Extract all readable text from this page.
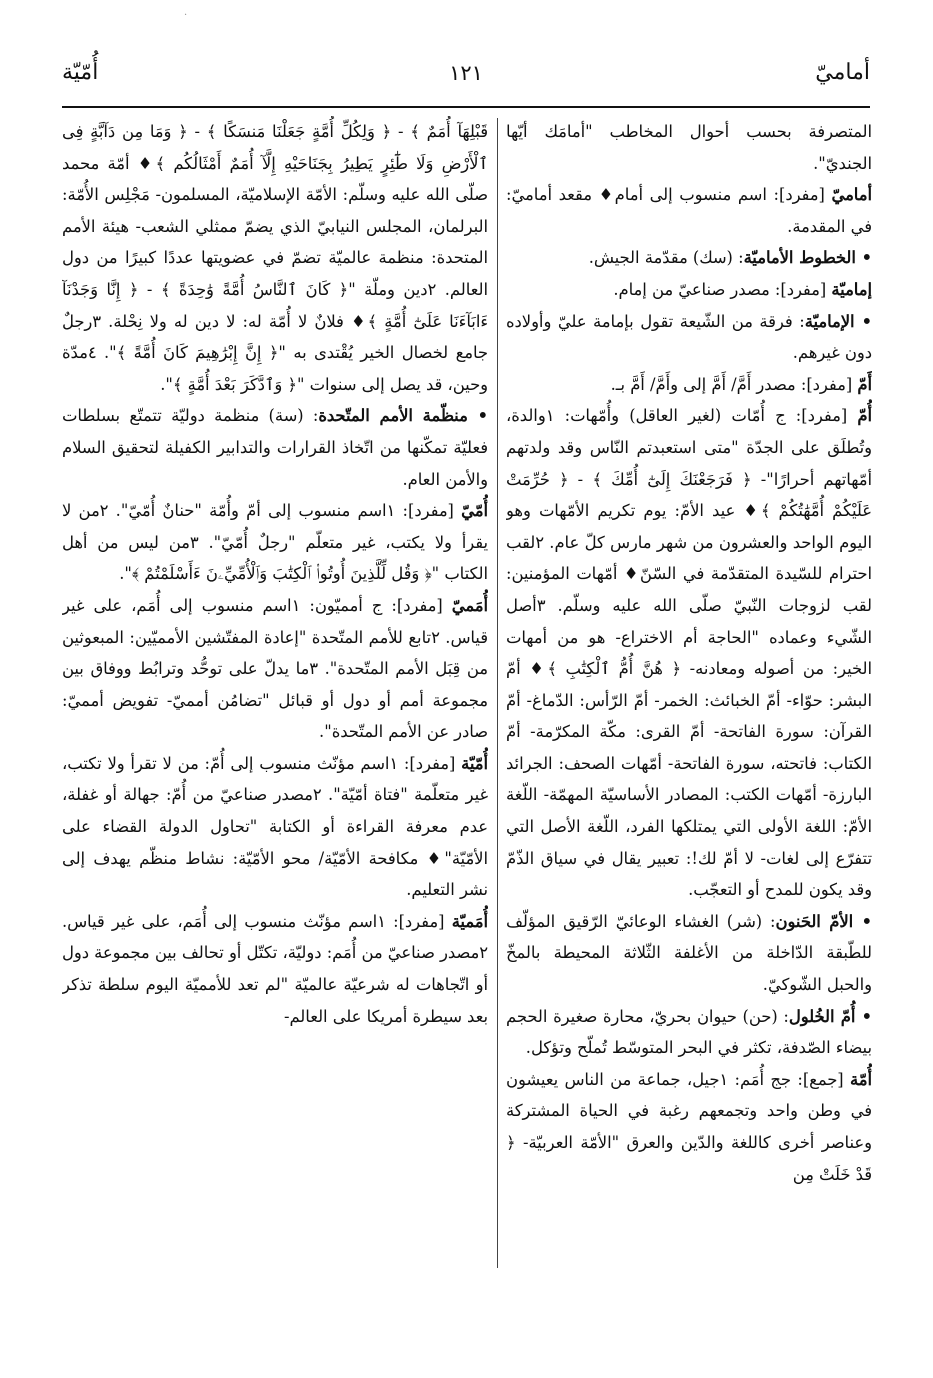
·
أماميّ
١٢١
أُمّيّة

المتصرفة بحسب أحوال المخاطب "أمامَك أيّها الجنديّ".

أماميّ [مفرد]: اسم منسوب إلى أمام♦ مقعد أماميّ: في المقدمة.

• الخطوط الأماميّة: (سك) مقدّمة الجيش.

إماميّة [مفرد]: مصدر صناعيّ من إمام.

• الإماميّة: فرقة من الشّيعة تقول بإمامة عليّ وأولاده دون غيرهم.

أَمّ [مفرد]: مصدر أَمَّ/ أَمَّ إلى وأَمَّ/ أَمَّ بـ.

أُمّ [مفرد]: ج أُمّات (لغير العاقل) وأُمّهات: ١والدة، وتُطلَق على الجدّة "متى استعبدتم النّاس وقد ولدتهم أمّهاتهم أحرارًا"- ﴿ فَرَجَعْنَكَ إِلَىٰٓ أُمِّكَ ﴾ - ﴿ حُرِّمَتْ عَلَيْكُمْ أُمَّهَٰتُكُمْ ﴾♦ عيد الأمّ: يوم تكريم الأمّهات وهو اليوم الواحد والعشرون من شهر مارس كلّ عام. ٢لقب احترام للسّيدة المتقدّمة في السّنّ♦ أمّهات المؤمنين: لقب لزوجات النّبيّ صلّى الله عليه وسلّم. ٣أصل الشّيء وعماده "الحاجة أم الاختراع- هو من أمهات الخير: من أصوله ومعادنه- ﴿ هُنَّ أُمُّ ٱلْكِتَٰبِ ﴾♦ أمّ البشر: حوّاء- أمّ الخبائث: الخمر- أمّ الرّأس: الدّماغ- أمّ القرآن: سورة الفاتحة- أمّ القرى: مكّة المكرّمة- أمّ الكتاب: فاتحته، سورة الفاتحة- أمّهات الصحف: الجرائد البارزة- أمّهات الكتب: المصادر الأساسيّة المهمّة- اللّغة الأمّ: اللغة الأولى التي يمتلكها الفرد، اللّغة الأصل التي تتفرّع إلى لغات- لا أمّ لك!: تعبير يقال في سياق الذّمّ وقد يكون للمدح أو التعجّب.

• الأمّ الحَنون: (شر) الغشاء الوعائيّ الرّقيق المؤلّف للطّبقة الدّاخلة من الأغلفة الثّلاثة المحيطة بالمخّ والحبل الشّوكيّ.

• أُمّ الخُلول: (حن) حيوان بحريّ، محارة صغيرة الحجم بيضاء الصّدفة، تكثر في البحر المتوسّط تُملّح وتؤكل.

أُمّة [جمع]: جج أُمَم: ١جيل، جماعة من الناس يعيشون في وطن واحد وتجمعهم رغبة في الحياة المشتركة وعناصر أخرى كاللغة والدّين والعرق "الأمّة العربيّة- ﴿ قَدْ خَلَتْ مِن

قَبْلِهَآ أُمَمٌ ﴾ - ﴿ وَلِكُلِّ أُمَّةٍ جَعَلْنَا مَنسَكًا ﴾ - ﴿ وَمَا مِن دَآبَّةٍ فِى ٱلْأَرْضِ وَلَا طَٰٓئِرٍ يَطِيرُ بِجَنَاحَيْهِ إِلَّآ أُمَمٌ أَمْثَالُكُم ﴾♦ أمّة محمد صلّى الله عليه وسلّم: الأمّة الإسلاميّة، المسلمون- مَجْلِس الأُمّة: البرلمان، المجلس النيابيّ الذي يضمّ ممثلي الشعب- هيئة الأمم المتحدة: منظمة عالميّة تضمّ في عضويتها عددًا كبيرًا من دول العالم. ٢دين وملّة "﴿ كَانَ ٱلنَّاسُ أُمَّةً وَٰحِدَةً ﴾ - ﴿ إِنَّا وَجَدْنَآ ءَابَآءَنَا عَلَىٰٓ أُمَّةٍ ﴾♦ فلانٌ لا أُمّة له: لا دين له ولا نِحْلة. ٣رجلٌ جامع لخصال الخير يُقْتدى به "﴿ إِنَّ إِبْرَٰهِيمَ كَانَ أُمَّةً ﴾". ٤مدّة وحين، قد يصل إلى سنوات "﴿ وَٱدَّكَرَ بَعْدَ أُمَّةٍ ﴾".

• منظّمة الأمم المتّحدة: (سة) منظمة دوليّة تتمتّع بسلطات فعليّة تمكّنها من اتّخاذ القرارات والتدابير الكفيلة لتحقيق السلام والأمن العام.

أُمّيّ [مفرد]: ١اسم منسوب إلى أمّ وأُمّة "حنانٌ أُمّيّ". ٢من لا يقرأ ولا يكتب، غير متعلّم "رجلٌ أُمّيّ". ٣من ليس من أهل الكتاب "﴿ وَقُل لِّلَّذِينَ أُوتُوا۟ ٱلْكِتَٰبَ وَٱلْأُمِّيِّۦنَ ءَأَسْلَمْتُمْ ﴾".

أُمَميّ [مفرد]: ج أمميّون: ١اسم منسوب إلى أُمَم، على غير قياس. ٢تابع للأمم المتّحدة "إعادة المفتّشين الأمميّين: المبعوثين من قِبَل الأمم المتّحدة". ٣ما يدلّ على توحُّد وترابُط ووفاق بين مجموعة أمم أو دول أو قبائل "تضامُن أمميّ- تفويض أمميّ: صادر عن الأمم المتّحدة".

أُمّيّة [مفرد]: ١اسم مؤنّث منسوب إلى أُمّ: من لا تقرأ ولا تكتب، غير متعلّمة "فتاة أمّيّة". ٢مصدر صناعيّ من أُمّ: جهالة أو غفلة، عدم معرفة القراءة أو الكتابة "تحاول الدولة القضاء على الأمّيّة"♦ مكافحة الأمّيّة/ محو الأمّيّة: نشاط منظّم يهدف إلى نشر التعليم.

أُمَميّة [مفرد]: ١اسم مؤنّث منسوب إلى أُمَم، على غير قياس. ٢مصدر صناعيّ من أُمَم: دوليّة، تكتّل أو تحالف بين مجموعة دول أو اتّجاهات له شرعيّة عالميّة "لم تعد للأمميّة اليوم سلطة تذكر بعد سيطرة أمريكا على العالم-
